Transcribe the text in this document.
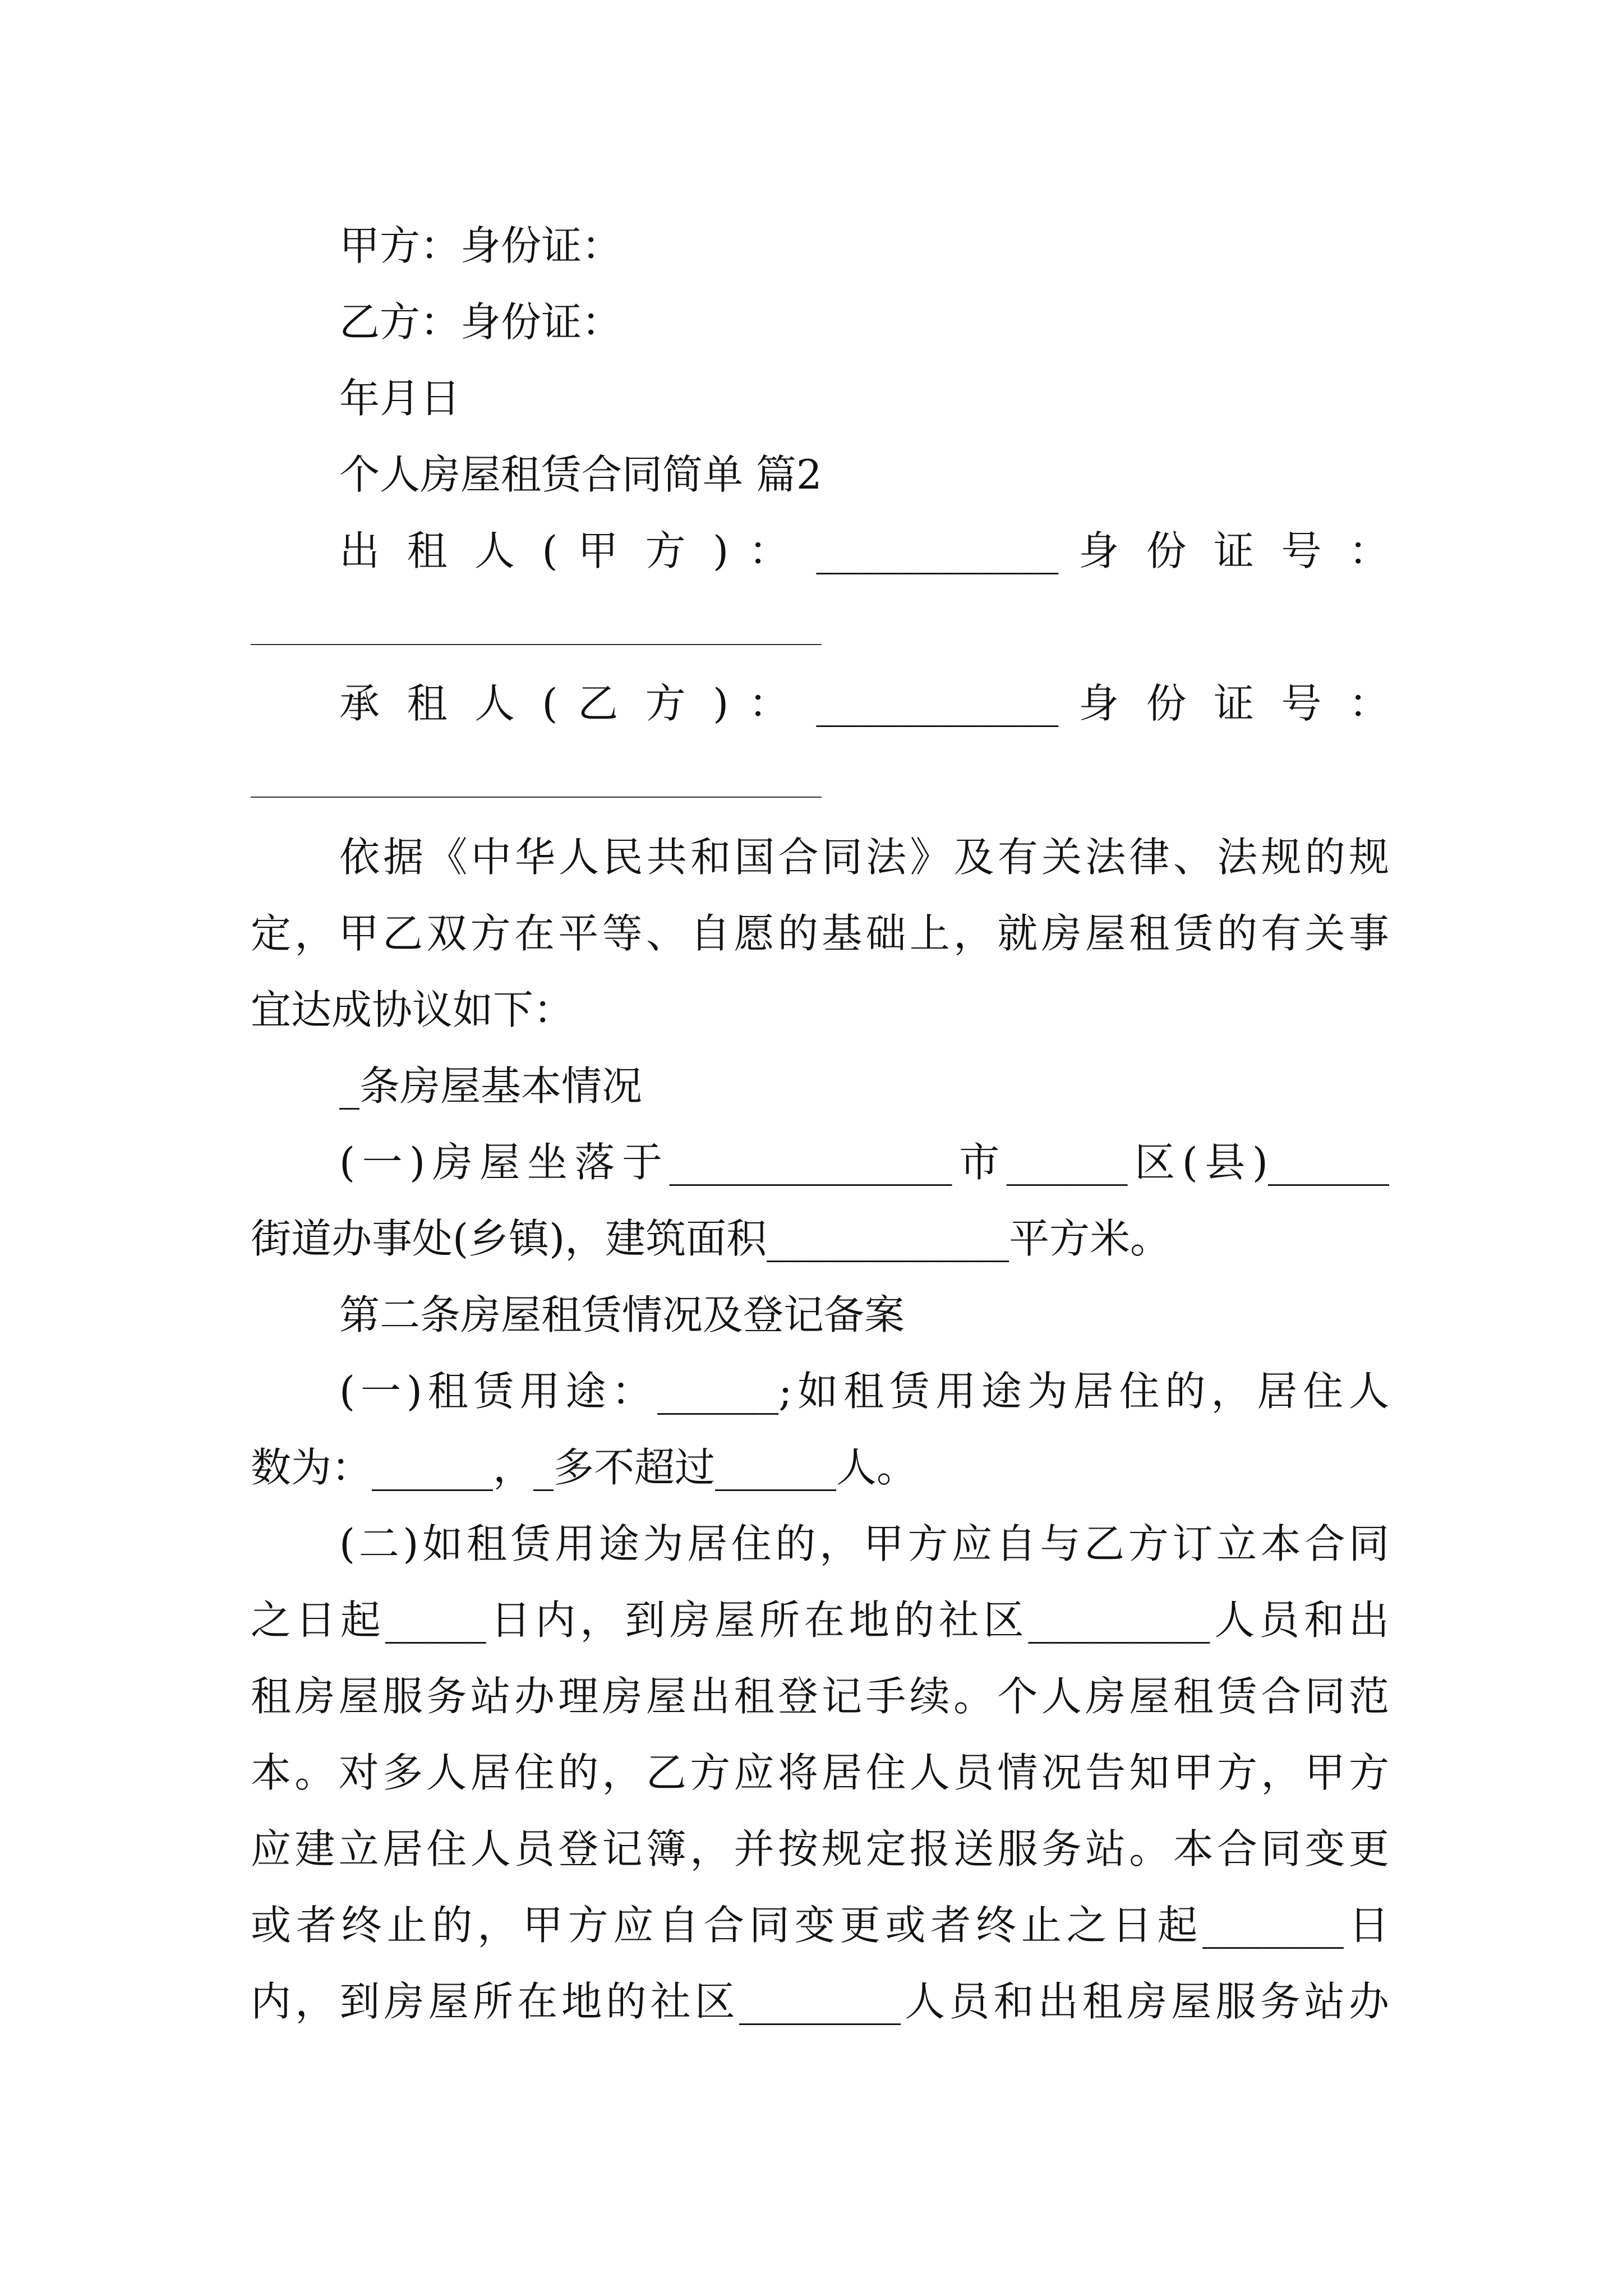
甲方：身份证：
乙方：身份证：
年月日
个人房屋租赁合同简单 篇2
出 租 人 ( 甲 方 ) ： ____________ 身 份 证 号 ：
承 租 人 ( 乙 方 ) ： ____________ 身 份 证 号 ：
依据《中华人民共和国合同法》及有关法律、法规的规
定，甲乙双方在平等、自愿的基础上，就房屋租赁的有关事
宜达成协议如下：
_条房屋基本情况
(一)房屋坐落于______________市______区(县)______
街道办事处(乡镇)，建筑面积____________平方米。
第二条房屋租赁情况及登记备案
(一)租赁用途：______;如租赁用途为居住的，居住人
数为：______，_多不超过______人。
(二)如租赁用途为居住的，甲方应自与乙方订立本合同
之日起_____日内，到房屋所在地的社区_________人员和出
租房屋服务站办理房屋出租登记手续。个人房屋租赁合同范
本。对多人居住的，乙方应将居住人员情况告知甲方，甲方
应建立居住人员登记簿，并按规定报送服务站。本合同变更
或者终止的，甲方应自合同变更或者终止之日起_______日
内，到房屋所在地的社区________人员和出租房屋服务站办
